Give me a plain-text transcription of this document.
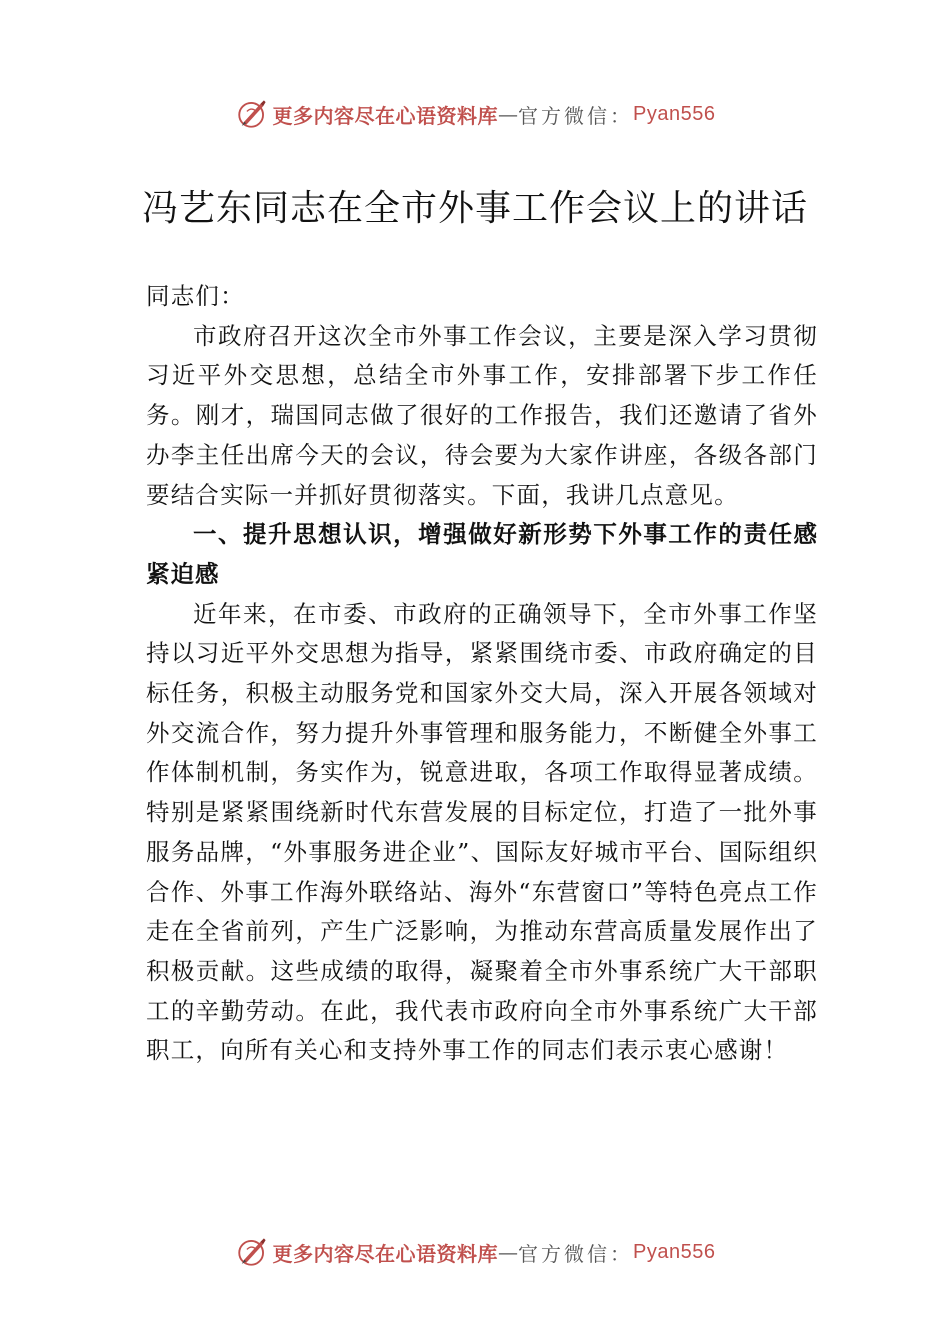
更多内容尽在心语资料库 — 官方微信： Pyan556
冯艺东同志在全市外事工作会议上的讲话

同志们：

市政府召开这次全市外事工作会议，主要是深入学习贯彻习近平外交思想，总结全市外事工作，安排部署下步工作任务。刚才，瑞国同志做了很好的工作报告，我们还邀请了省外办李主任出席今天的会议，待会要为大家作讲座，各级各部门要结合实际一并抓好贯彻落实。下面，我讲几点意见。

一、提升思想认识，增强做好新形势下外事工作的责任感紧迫感

近年来，在市委、市政府的正确领导下，全市外事工作坚持以习近平外交思想为指导，紧紧围绕市委、市政府确定的目标任务，积极主动服务党和国家外交大局，深入开展各领域对外交流合作，努力提升外事管理和服务能力，不断健全外事工作体制机制，务实作为，锐意进取，各项工作取得显著成绩。特别是紧紧围绕新时代东营发展的目标定位，打造了一批外事服务品牌，“外事服务进企业”、国际友好城市平台、国际组织合作、外事工作海外联络站、海外“东营窗口”等特色亮点工作走在全省前列，产生广泛影响，为推动东营高质量发展作出了积极贡献。这些成绩的取得，凝聚着全市外事系统广大干部职工的辛勤劳动。在此，我代表市政府向全市外事系统广大干部职工，向所有关心和支持外事工作的同志们表示衷心感谢！

更多内容尽在心语资料库 — 官方微信： Pyan556
